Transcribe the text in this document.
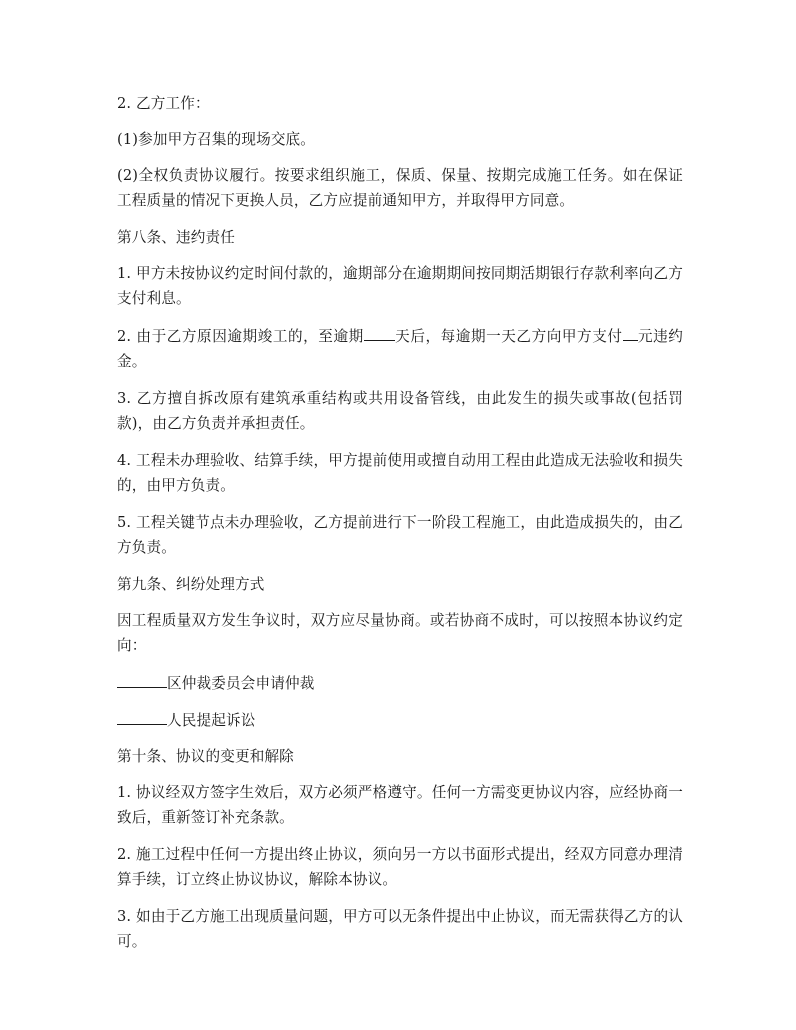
2. 乙方工作：

(1)参加甲方召集的现场交底。

(2)全权负责协议履行。按要求组织施工，保质、保量、按期完成施工任务。如在保证工程质量的情况下更换人员，乙方应提前通知甲方，并取得甲方同意。

第八条、违约责任

1. 甲方未按协议约定时间付款的，逾期部分在逾期期间按同期活期银行存款利率向乙方支付利息。

2. 由于乙方原因逾期竣工的，至逾期 天后，每逾期一天乙方向甲方支付 元违约金。

3. 乙方擅自拆改原有建筑承重结构或共用设备管线，由此发生的损失或事故(包括罚款)，由乙方负责并承担责任。

4. 工程未办理验收、结算手续，甲方提前使用或擅自动用工程由此造成无法验收和损失的，由甲方负责。

5. 工程关键节点未办理验收，乙方提前进行下一阶段工程施工，由此造成损失的，由乙方负责。

第九条、纠纷处理方式

因工程质量双方发生争议时，双方应尽量协商。或若协商不成时，可以按照本协议约定向：

区仲裁委员会申请仲裁

人民提起诉讼

第十条、协议的变更和解除

1. 协议经双方签字生效后，双方必须严格遵守。任何一方需变更协议内容，应经协商一致后，重新签订补充条款。

2. 施工过程中任何一方提出终止协议，须向另一方以书面形式提出，经双方同意办理清算手续，订立终止协议协议，解除本协议。

3. 如由于乙方施工出现质量问题，甲方可以无条件提出中止协议，而无需获得乙方的认可。
